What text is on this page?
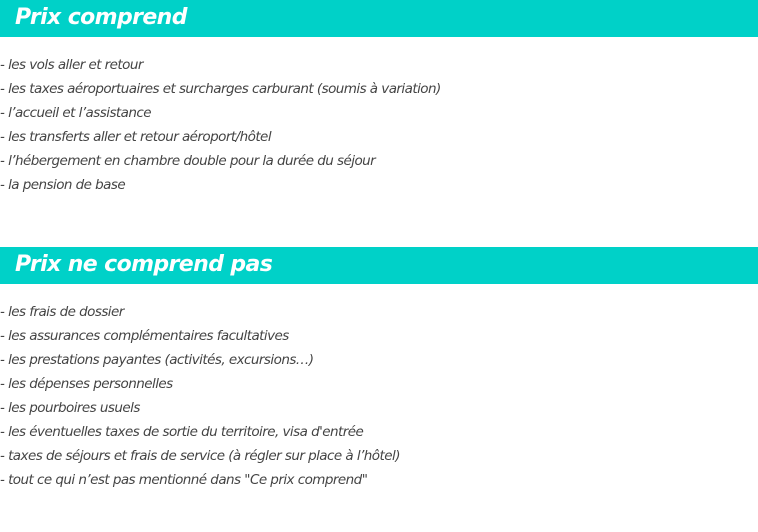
Prix comprend
- les vols aller et retour
- les taxes aéroportuaires et surcharges carburant (soumis à variation)
- l’accueil et l’assistance
- les transferts aller et retour aéroport/hôtel
- l’hébergement en chambre double pour la durée du séjour
- la pension de base
Prix ne comprend pas
- les frais de dossier
- les assurances complémentaires facultatives
- les prestations payantes (activités, excursions…)
- les dépenses personnelles
- les pourboires usuels
- les éventuelles taxes de sortie du territoire, visa d'entrée
- taxes de séjours et frais de service (à régler sur place à l’hôtel)
- tout ce qui n’est pas mentionné dans "Ce prix comprend"
